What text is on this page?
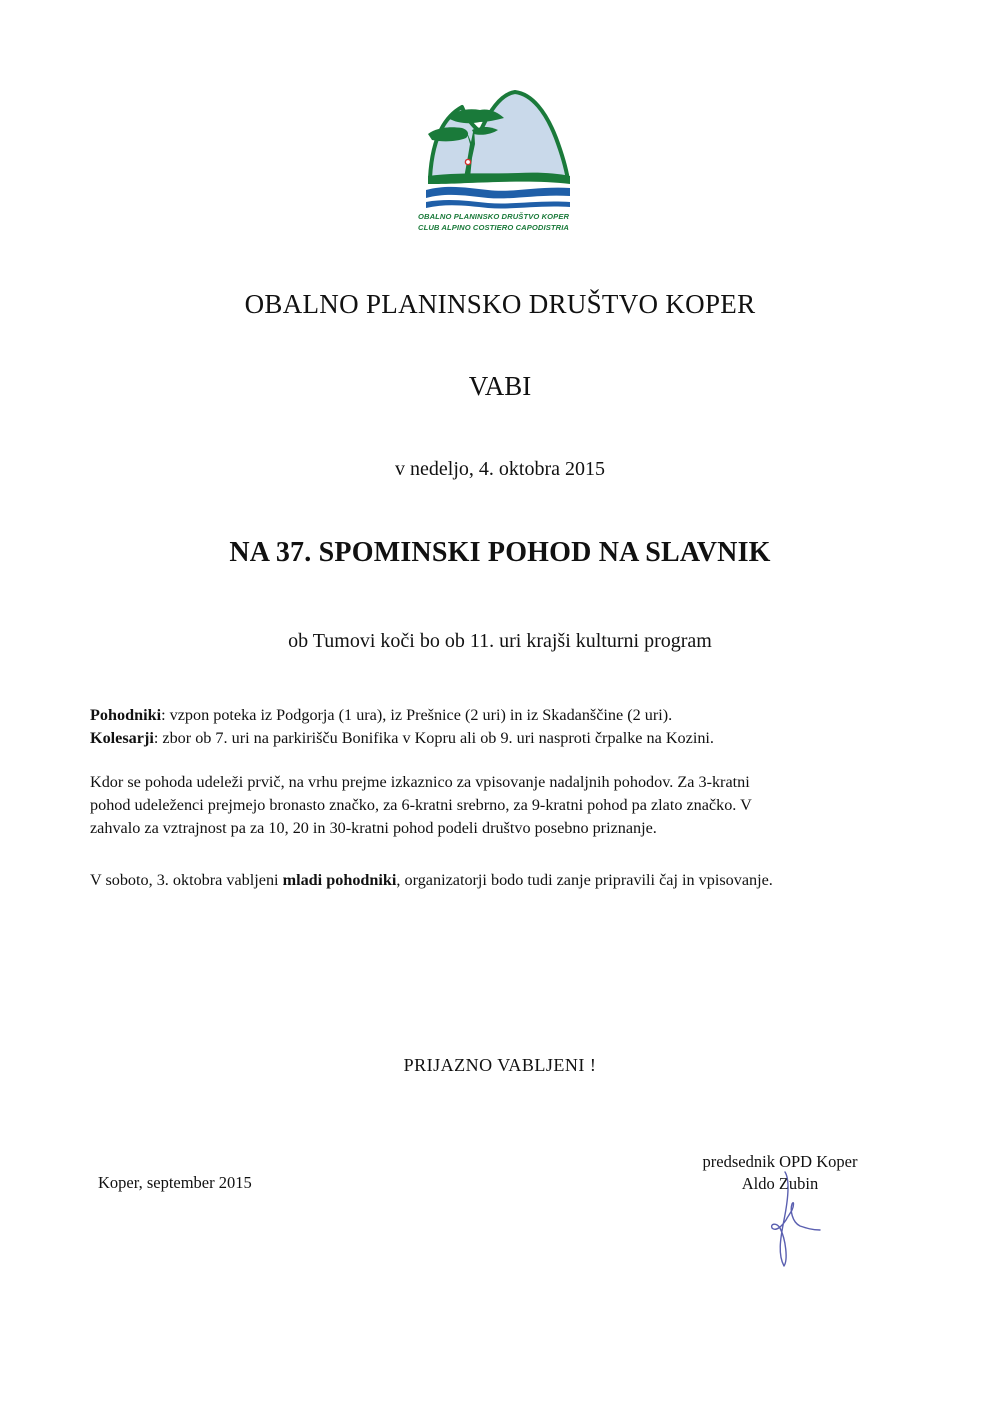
OBALNO PLANINSKO DRUŠTVO KOPER
CLUB ALPINO COSTIERO CAPODISTRIA
OBALNO PLANINSKO DRUŠTVO KOPER
VABI
v nedeljo, 4. oktobra 2015
NA 37. SPOMINSKI POHOD NA SLAVNIK
ob Tumovi koči bo ob 11. uri krajši kulturni program
Pohodniki: vzpon poteka iz Podgorja (1 ura), iz Prešnice (2 uri) in iz Skadanščine (2 uri).
Kolesarji: zbor ob 7. uri na parkirišču Bonifika v Kopru ali ob 9. uri nasproti črpalke na Kozini.
Kdor se pohoda udeleži prvič, na vrhu prejme izkaznico za vpisovanje nadaljnih pohodov. Za 3-kratni
pohod udeleženci prejmejo bronasto značko, za 6-kratni srebrno, za 9-kratni pohod pa zlato značko. V
zahvalo za vztrajnost pa za 10, 20 in 30-kratni pohod podeli društvo posebno priznanje.
V soboto, 3. oktobra vabljeni mladi pohodniki, organizatorji bodo tudi zanje pripravili čaj in vpisovanje.
PRIJAZNO VABLJENI !
Koper, september 2015
predsednik OPD Koper
Aldo Zubin
